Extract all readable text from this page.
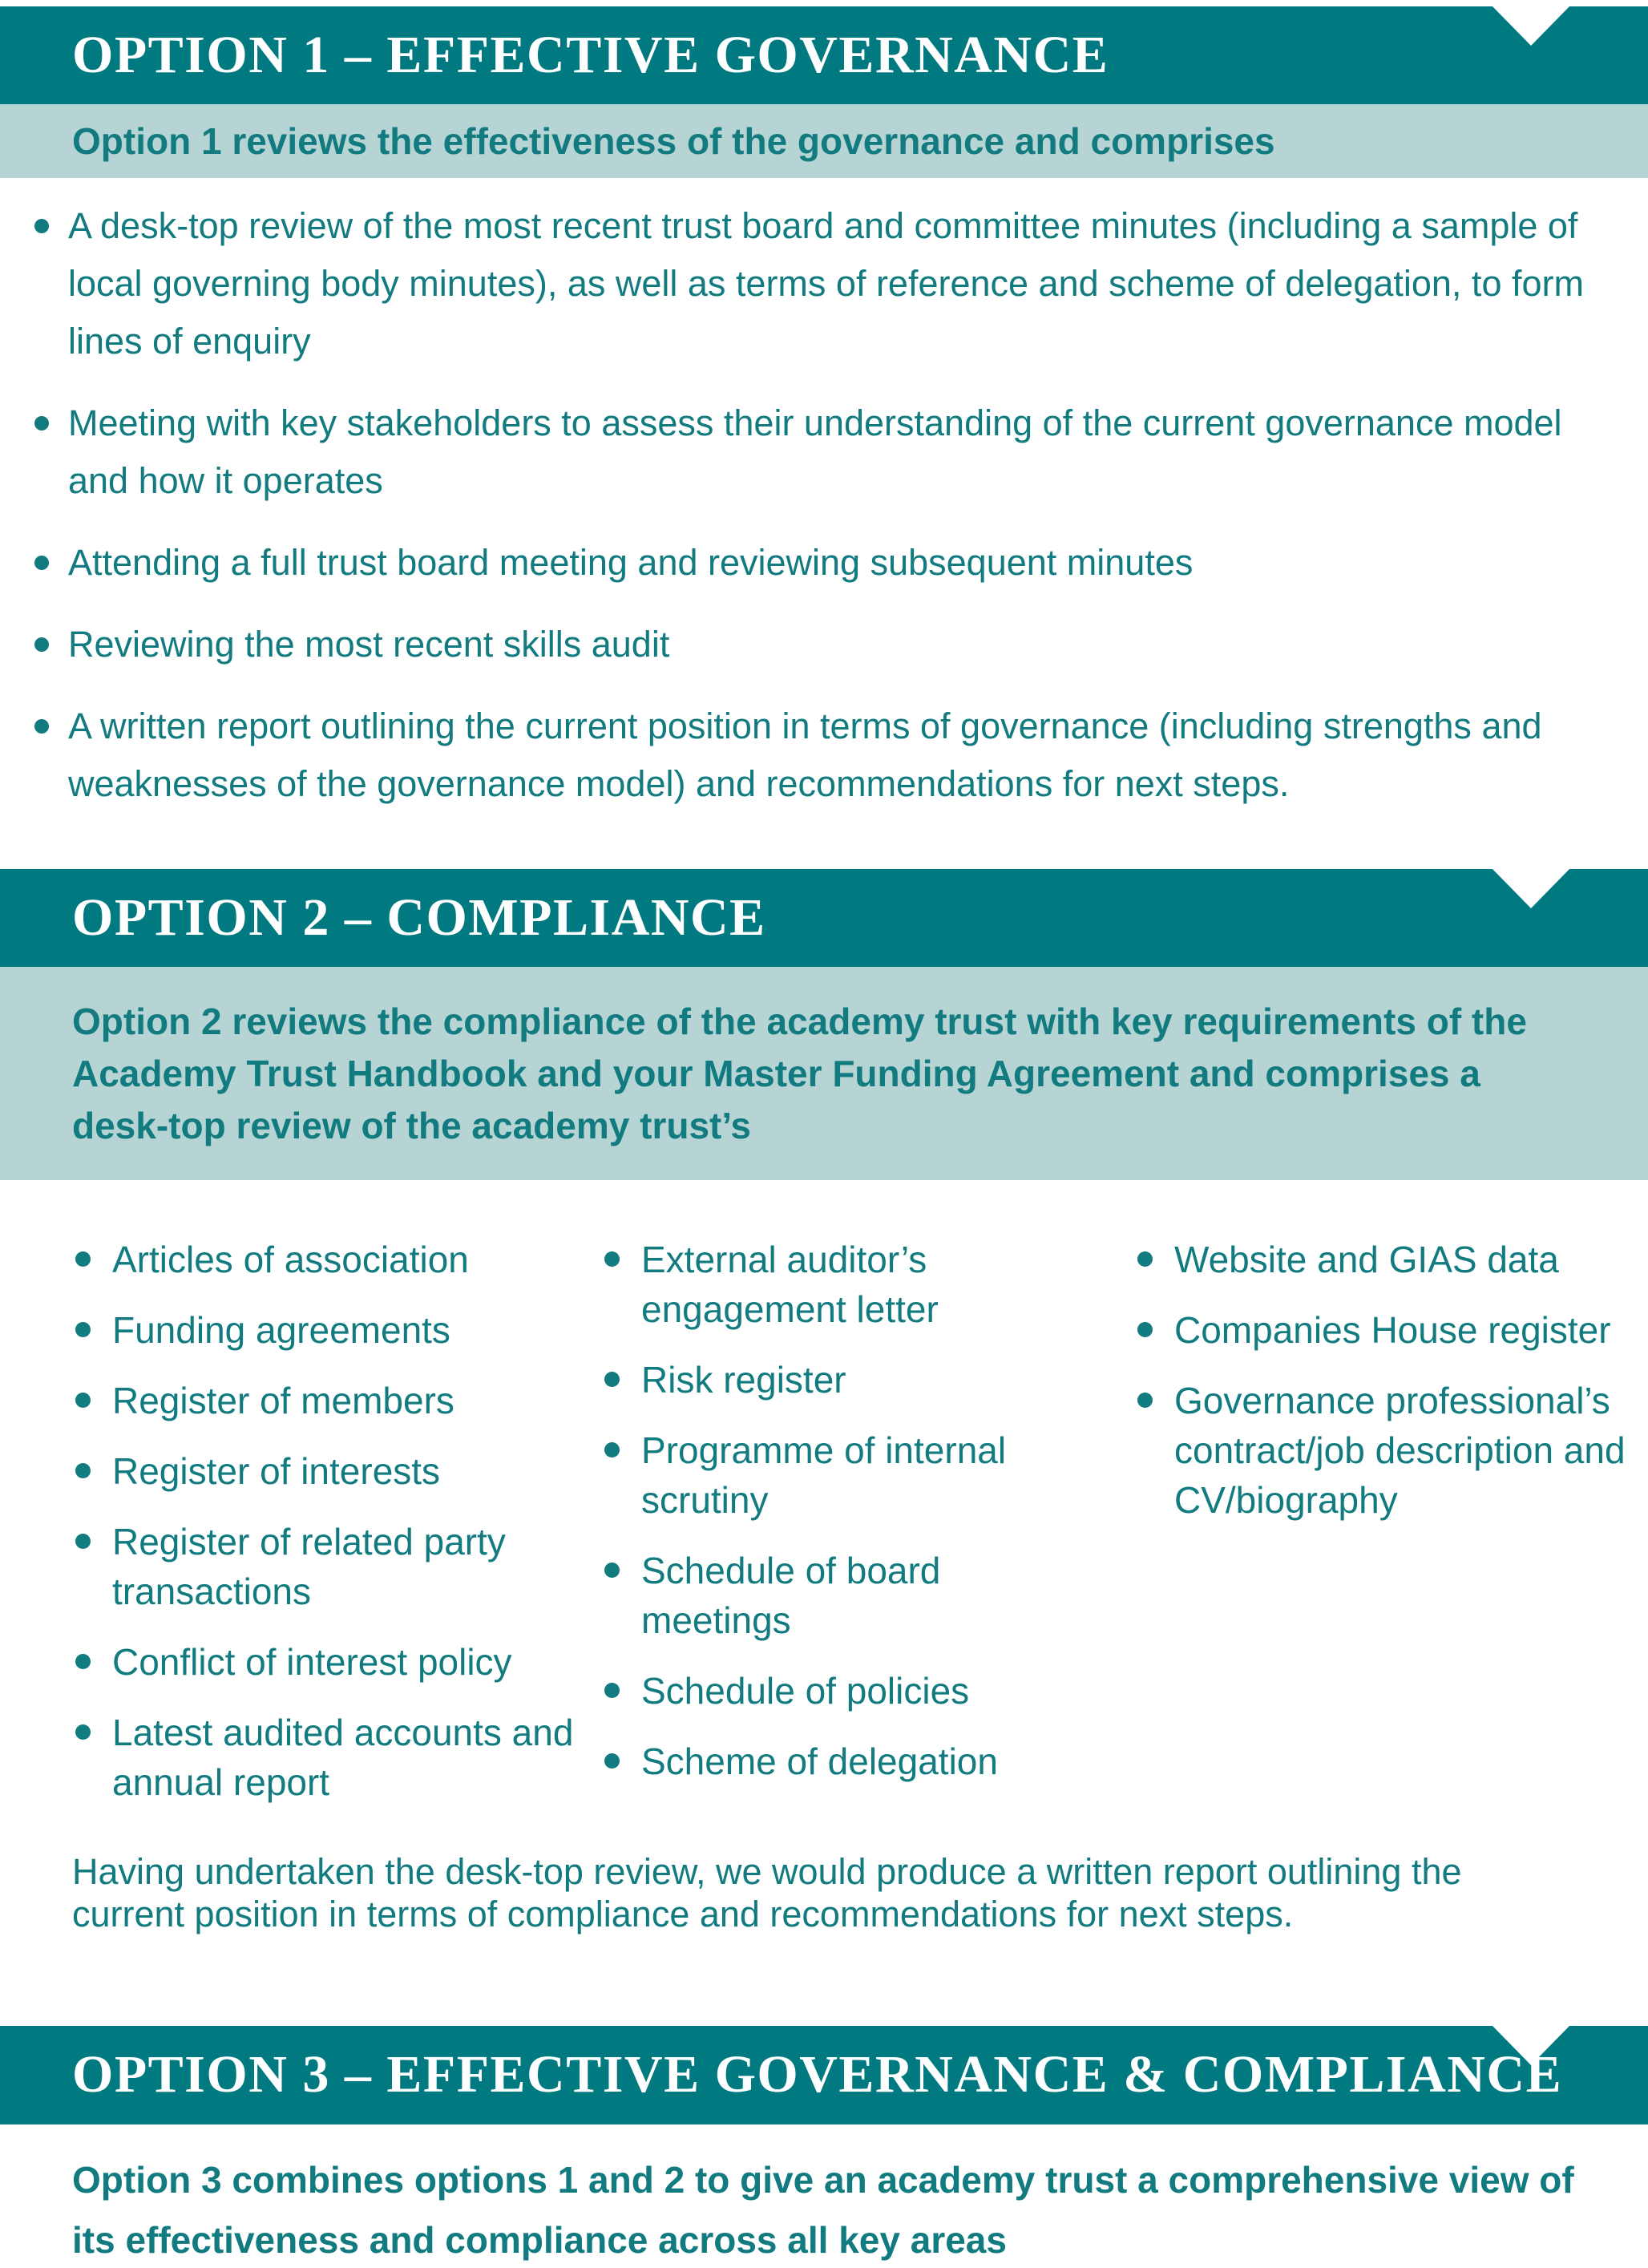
OPTION 1 – EFFECTIVE GOVERNANCE

Option 1 reviews the effectiveness of the governance and comprises

A desk-top review of the most recent trust board and committee minutes (including a sample of local governing body minutes), as well as terms of reference and scheme of delegation, to form lines of enquiry
Meeting with key stakeholders to assess their understanding of the current governance model and how it operates
Attending a full trust board meeting and reviewing subsequent minutes
Reviewing the most recent skills audit
A written report outlining the current position in terms of governance (including strengths and weaknesses of the governance model) and recommendations for next steps.
OPTION 2 – COMPLIANCE

Option 2 reviews the compliance of the academy trust with key requirements of the Academy Trust Handbook and your Master Funding Agreement and comprises a desk-top review of the academy trust’s

Articles of association
Funding agreements
Register of members
Register of interests
Register of related party transactions
Conflict of interest policy
Latest audited accounts and annual report
External auditor’s engagement letter
Risk register
Programme of internal scrutiny
Schedule of board meetings
Schedule of policies
Scheme of delegation
Website and GIAS data
Companies House register
Governance professional’s contract/job description and CV/biography

Having undertaken the desk-top review, we would produce a written report outlining the current position in terms of compliance and recommendations for next steps.

OPTION 3 – EFFECTIVE GOVERNANCE & COMPLIANCE

Option 3 combines options 1 and 2 to give an academy trust a comprehensive view of its effectiveness and compliance across all key areas
